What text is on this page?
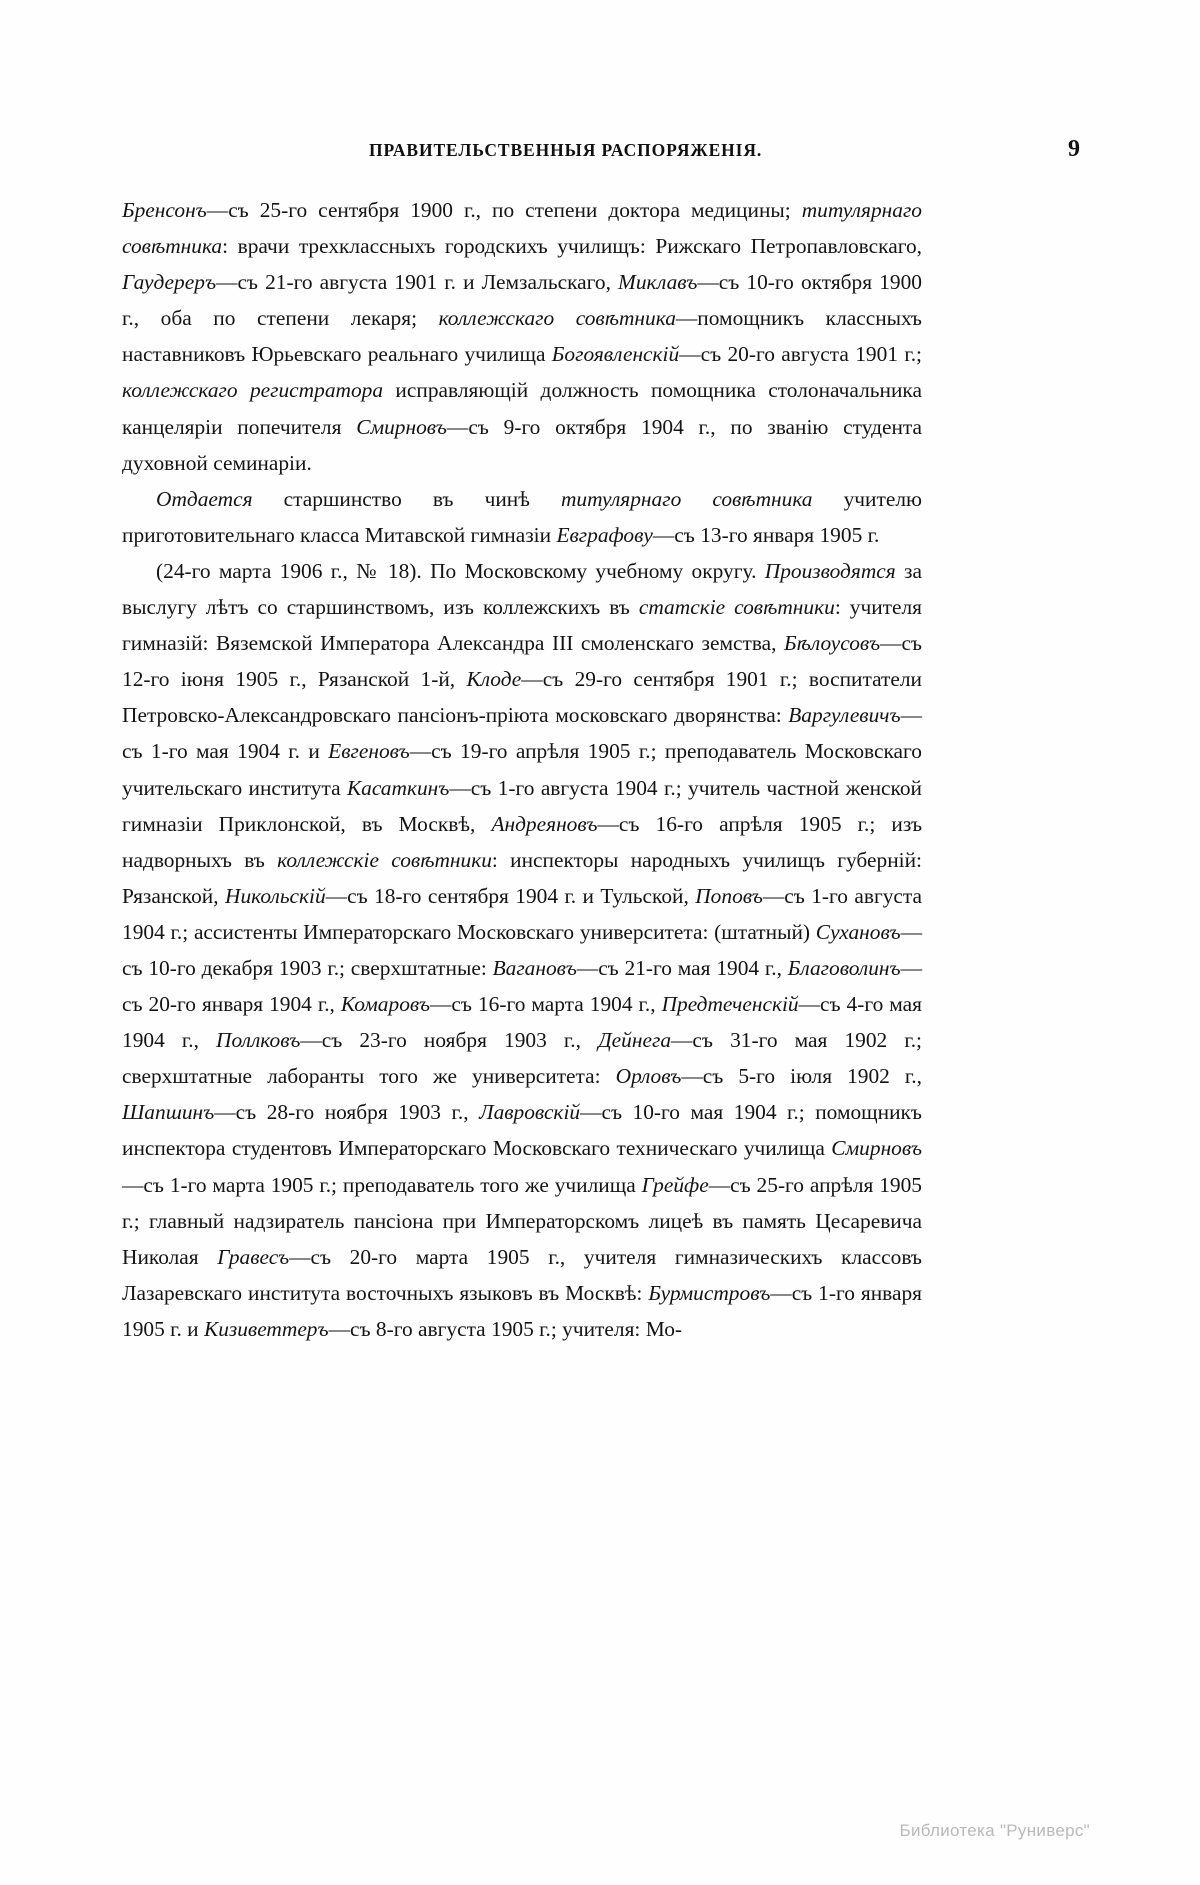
ПРАВИТЕЛЬСТВЕННЫЯ РАСПОРЯЖЕНІЯ.	9

Бренсонъ—съ 25-го сентября 1900 г., по степени доктора медицины; титулярнаго совѣтника: врачи трехклассныхъ городскихъ училищъ: Рижскаго Петропавловскаго, Гаудереръ—съ 21-го августа 1901 г. и Лемзальскаго, Миклавъ—съ 10-го октября 1900 г., оба по степени лекаря; коллежскаго совѣтника—помощникъ классныхъ наставниковъ Юрьевскаго реальнаго училища Богоявленскій—съ 20-го августа 1901 г.; коллежскаго регистратора исправляющій должность помощника столоначальника канцеляріи попечителя Смирновъ—съ 9-го октября 1904 г., по званію студента духовной семинаріи.

Отдается старшинство въ чинѣ титулярнаго совѣтника учителю приготовительнаго класса Митавской гимназіи Евграфову—съ 13-го января 1905 г.

(24-го марта 1906 г., № 18). По Московскому учебному округу. Производятся за выслугу лѣтъ со старшинствомъ, изъ коллежскихъ въ статскіе совѣтники: учителя гимназій: Вяземской Императора Александра III смоленскаго земства, Бѣлоусовъ—съ 12-го іюня 1905 г., Рязанской 1-й, Клоде—съ 29-го сентября 1901 г.; воспитатели Петровско-Александровскаго пансіонъ-пріюта московскаго дворянства: Варгулевичъ—съ 1-го мая 1904 г. и Евгеновъ—съ 19-го апрѣля 1905 г.; преподаватель Московскаго учительскаго института Касаткинъ—съ 1-го августа 1904 г.; учитель частной женской гимназіи Приклонской, въ Москвѣ, Андреяновъ—съ 16-го апрѣля 1905 г.; изъ надворныхъ въ коллежскіе совѣтники: инспекторы народныхъ училищъ губерній: Рязанской, Никольскій—съ 18-го сентября 1904 г. и Тульской, Поповъ—съ 1-го августа 1904 г.; ассистенты Императорскаго Московскаго университета: (штатный) Сухановъ—съ 10-го декабря 1903 г.; сверхштатные: Вагановъ—съ 21-го мая 1904 г., Благоволинъ—съ 20-го января 1904 г., Комаровъ—съ 16-го марта 1904 г., Предтеченскій—съ 4-го мая 1904 г., Поллковъ—съ 23-го ноября 1903 г., Дейнега—съ 31-го мая 1902 г.; сверхштатные лаборанты того же университета: Орловъ—съ 5-го іюля 1902 г., Шапшинъ—съ 28-го ноября 1903 г., Лавровскій—съ 10-го мая 1904 г.; помощникъ инспектора студентовъ Императорскаго Московскаго техническаго училища Смирновъ—съ 1-го марта 1905 г.; преподаватель того же училища Грейфе—съ 25-го апрѣля 1905 г.; главный надзиратель пансіона при Императорскомъ лицеѣ въ память Цесаревича Николая Гравесъ—съ 20-го марта 1905 г., учителя гимназическихъ классовъ Лазаревскаго института восточныхъ языковъ въ Москвѣ: Бурмистровъ—съ 1-го января 1905 г. и Кизиветтеръ—съ 8-го августа 1905 г.; учителя: Мо-

Библиотека "Руниверс"
